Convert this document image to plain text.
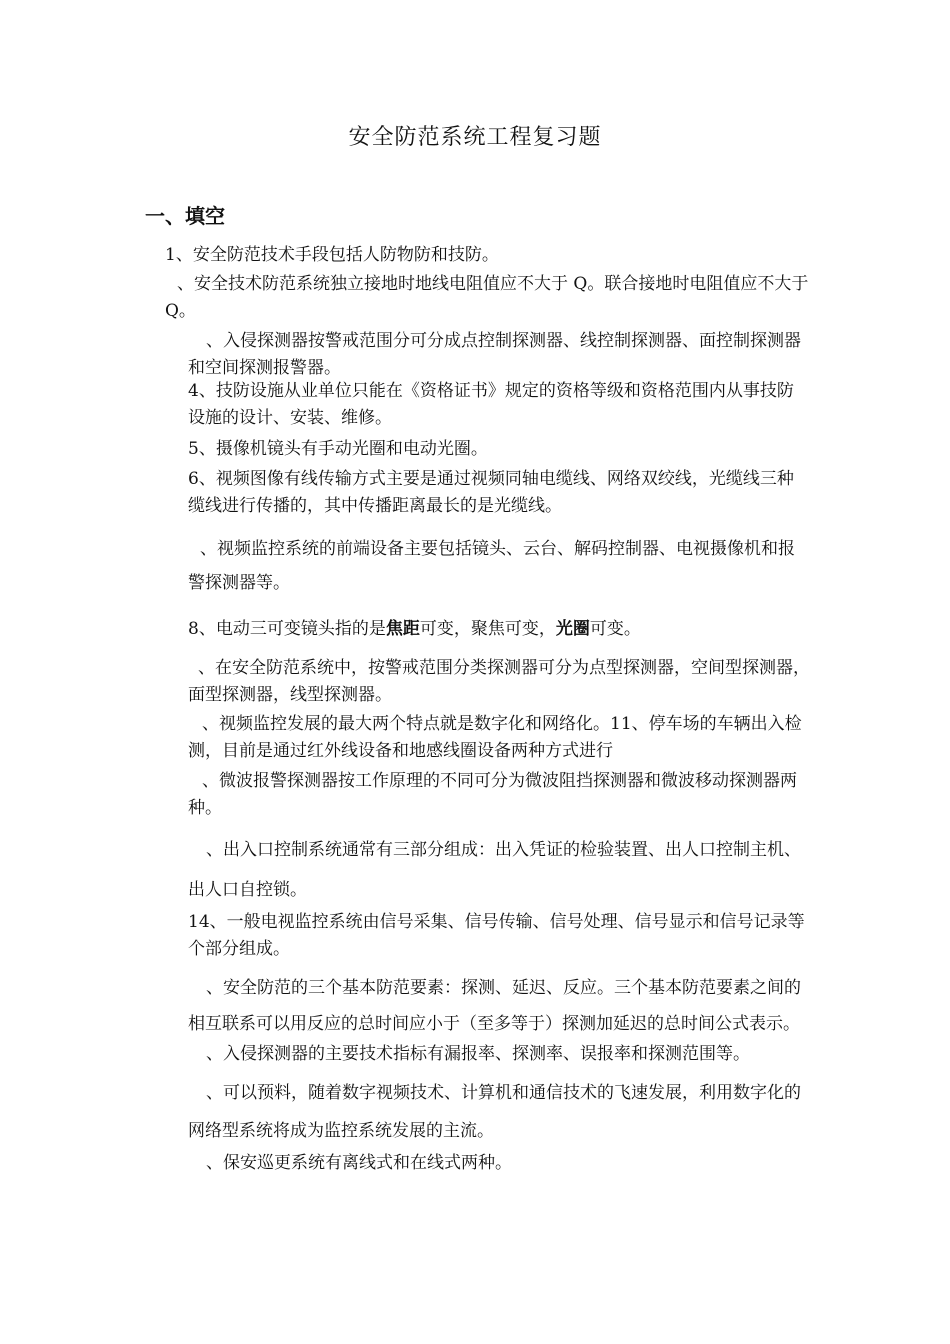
安全防范系统工程复习题
一、填空
1、安全防范技术手段包括人防物防和技防。
、安全技术防范系统独立接地时地线电阻值应不大于 Q。联合接地时电阻值应不大于
Q。
、入侵探测器按警戒范围分可分成点控制探测器、线控制探测器、面控制探测器
和空间探测报警器。
4、技防设施从业单位只能在《资格证书》规定的资格等级和资格范围内从事技防
设施的设计、安装、维修。
5、摄像机镜头有手动光圈和电动光圈。
6、视频图像有线传输方式主要是通过视频同轴电缆线、网络双绞线，光缆线三种
缆线进行传播的，其中传播距离最长的是光缆线。
、视频监控系统的前端设备主要包括镜头、云台、解码控制器、电视摄像机和报
警探测器等。
8、电动三可变镜头指的是焦距可变，聚焦可变，光圈可变。
、在安全防范系统中，按警戒范围分类探测器可分为点型探测器，空间型探测器，
面型探测器，线型探测器。
、视频监控发展的最大两个特点就是数字化和网络化。11、停车场的车辆出入检
测，目前是通过红外线设备和地感线圈设备两种方式进行
、微波报警探测器按工作原理的不同可分为微波阻挡探测器和微波移动探测器两
种。
、出入口控制系统通常有三部分组成：出入凭证的检验装置、出人口控制主机、
出人口自控锁。
14、一般电视监控系统由信号采集、信号传输、信号处理、信号显示和信号记录等
个部分组成。
、安全防范的三个基本防范要素：探测、延迟、反应。三个基本防范要素之间的
相互联系可以用反应的总时间应小于（至多等于）探测加延迟的总时间公式表示。
、入侵探测器的主要技术指标有漏报率、探测率、误报率和探测范围等。
、可以预料，随着数字视频技术、计算机和通信技术的飞速发展，利用数字化的
网络型系统将成为监控系统发展的主流。
、保安巡更系统有离线式和在线式两种。
